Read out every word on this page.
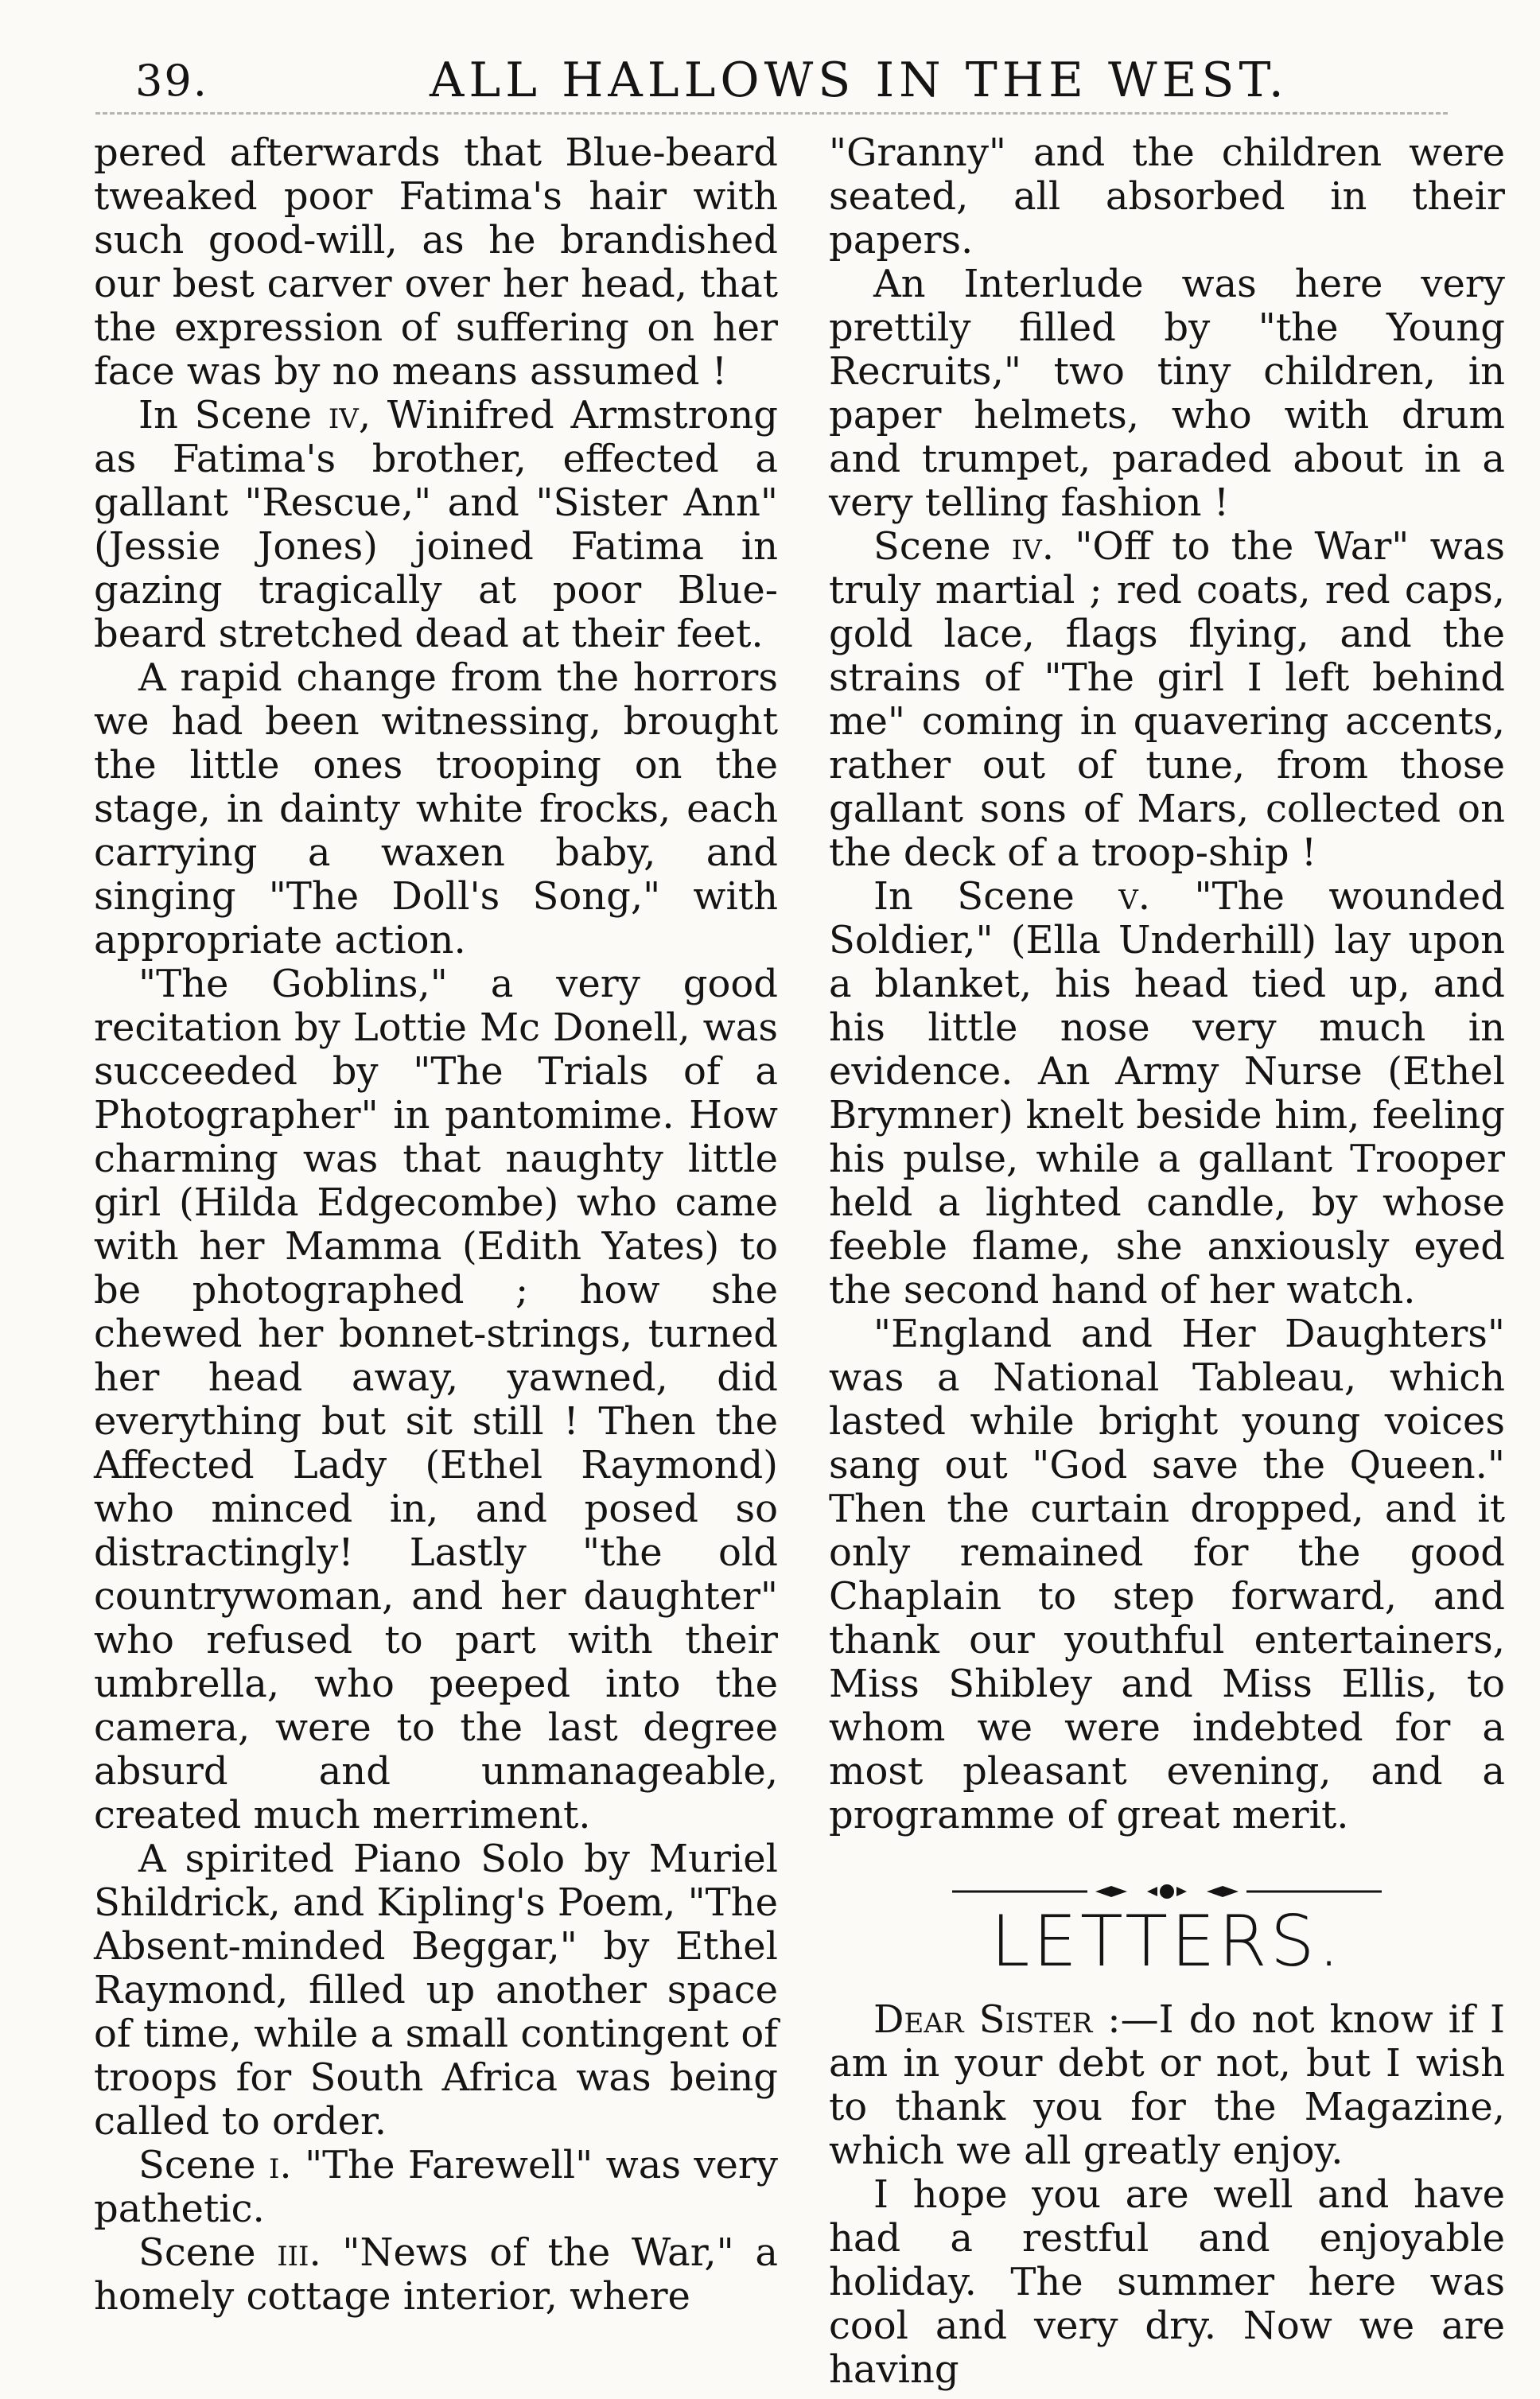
39.	ALL HALLOWS IN THE WEST.

pered afterwards that Blue-beard tweaked poor Fatima's hair with such good-will, as he brandished our best carver over her head, that the expression of suffering on her face was by no means assumed !

In Scene iv, Winifred Armstrong as Fatima's brother, effected a gallant "Rescue," and "Sister Ann" (Jessie Jones) joined Fatima in gazing tragically at poor Blue-beard stretched dead at their feet.

A rapid change from the horrors we had been witnessing, brought the little ones trooping on the stage, in dainty white frocks, each carrying a waxen baby, and singing "The Doll's Song," with appropriate action.

"The Goblins," a very good recitation by Lottie Mc Donell, was succeeded by "The Trials of a Photographer" in pantomime. How charming was that naughty little girl (Hilda Edgecombe) who came with her Mamma (Edith Yates) to be photographed ; how she chewed her bonnet-strings, turned her head away, yawned, did everything but sit still ! Then the Affected Lady (Ethel Raymond) who minced in, and posed so distractingly! Lastly "the old countrywoman, and her daughter" who refused to part with their umbrella, who peeped into the camera, were to the last degree absurd and unmanageable, created much merriment.

A spirited Piano Solo by Muriel Shildrick, and Kipling's Poem, "The Absent-minded Beggar," by Ethel Raymond, filled up another space of time, while a small contingent of troops for South Africa was being called to order.

Scene i. "The Farewell" was very pathetic.

Scene iii. "News of the War," a homely cottage interior, where

"Granny" and the children were seated, all absorbed in their papers.

An Interlude was here very prettily filled by "the Young Recruits," two tiny children, in paper helmets, who with drum and trumpet, paraded about in a very telling fashion !

Scene iv. "Off to the War" was truly martial ; red coats, red caps, gold lace, flags flying, and the strains of "The girl I left behind me" coming in quavering accents, rather out of tune, from those gallant sons of Mars, collected on the deck of a troop-ship !

In Scene v. "The wounded Soldier," (Ella Underhill) lay upon a blanket, his head tied up, and his little nose very much in evidence. An Army Nurse (Ethel Brymner) knelt beside him, feeling his pulse, while a gallant Trooper held a lighted candle, by whose feeble flame, she anxiously eyed the second hand of her watch.

"England and Her Daughters" was a National Tableau, which lasted while bright young voices sang out "God save the Queen." Then the curtain dropped, and it only remained for the good Chaplain to step forward, and thank our youthful entertainers, Miss Shibley and Miss Ellis, to whom we were indebted for a most pleasant evening, and a programme of great merit.

LETTERS.

Dear Sister :—I do not know if I am in your debt or not, but I wish to thank you for the Magazine, which we all greatly enjoy.

I hope you are well and have had a restful and enjoyable holiday. The summer here was cool and very dry. Now we are having
